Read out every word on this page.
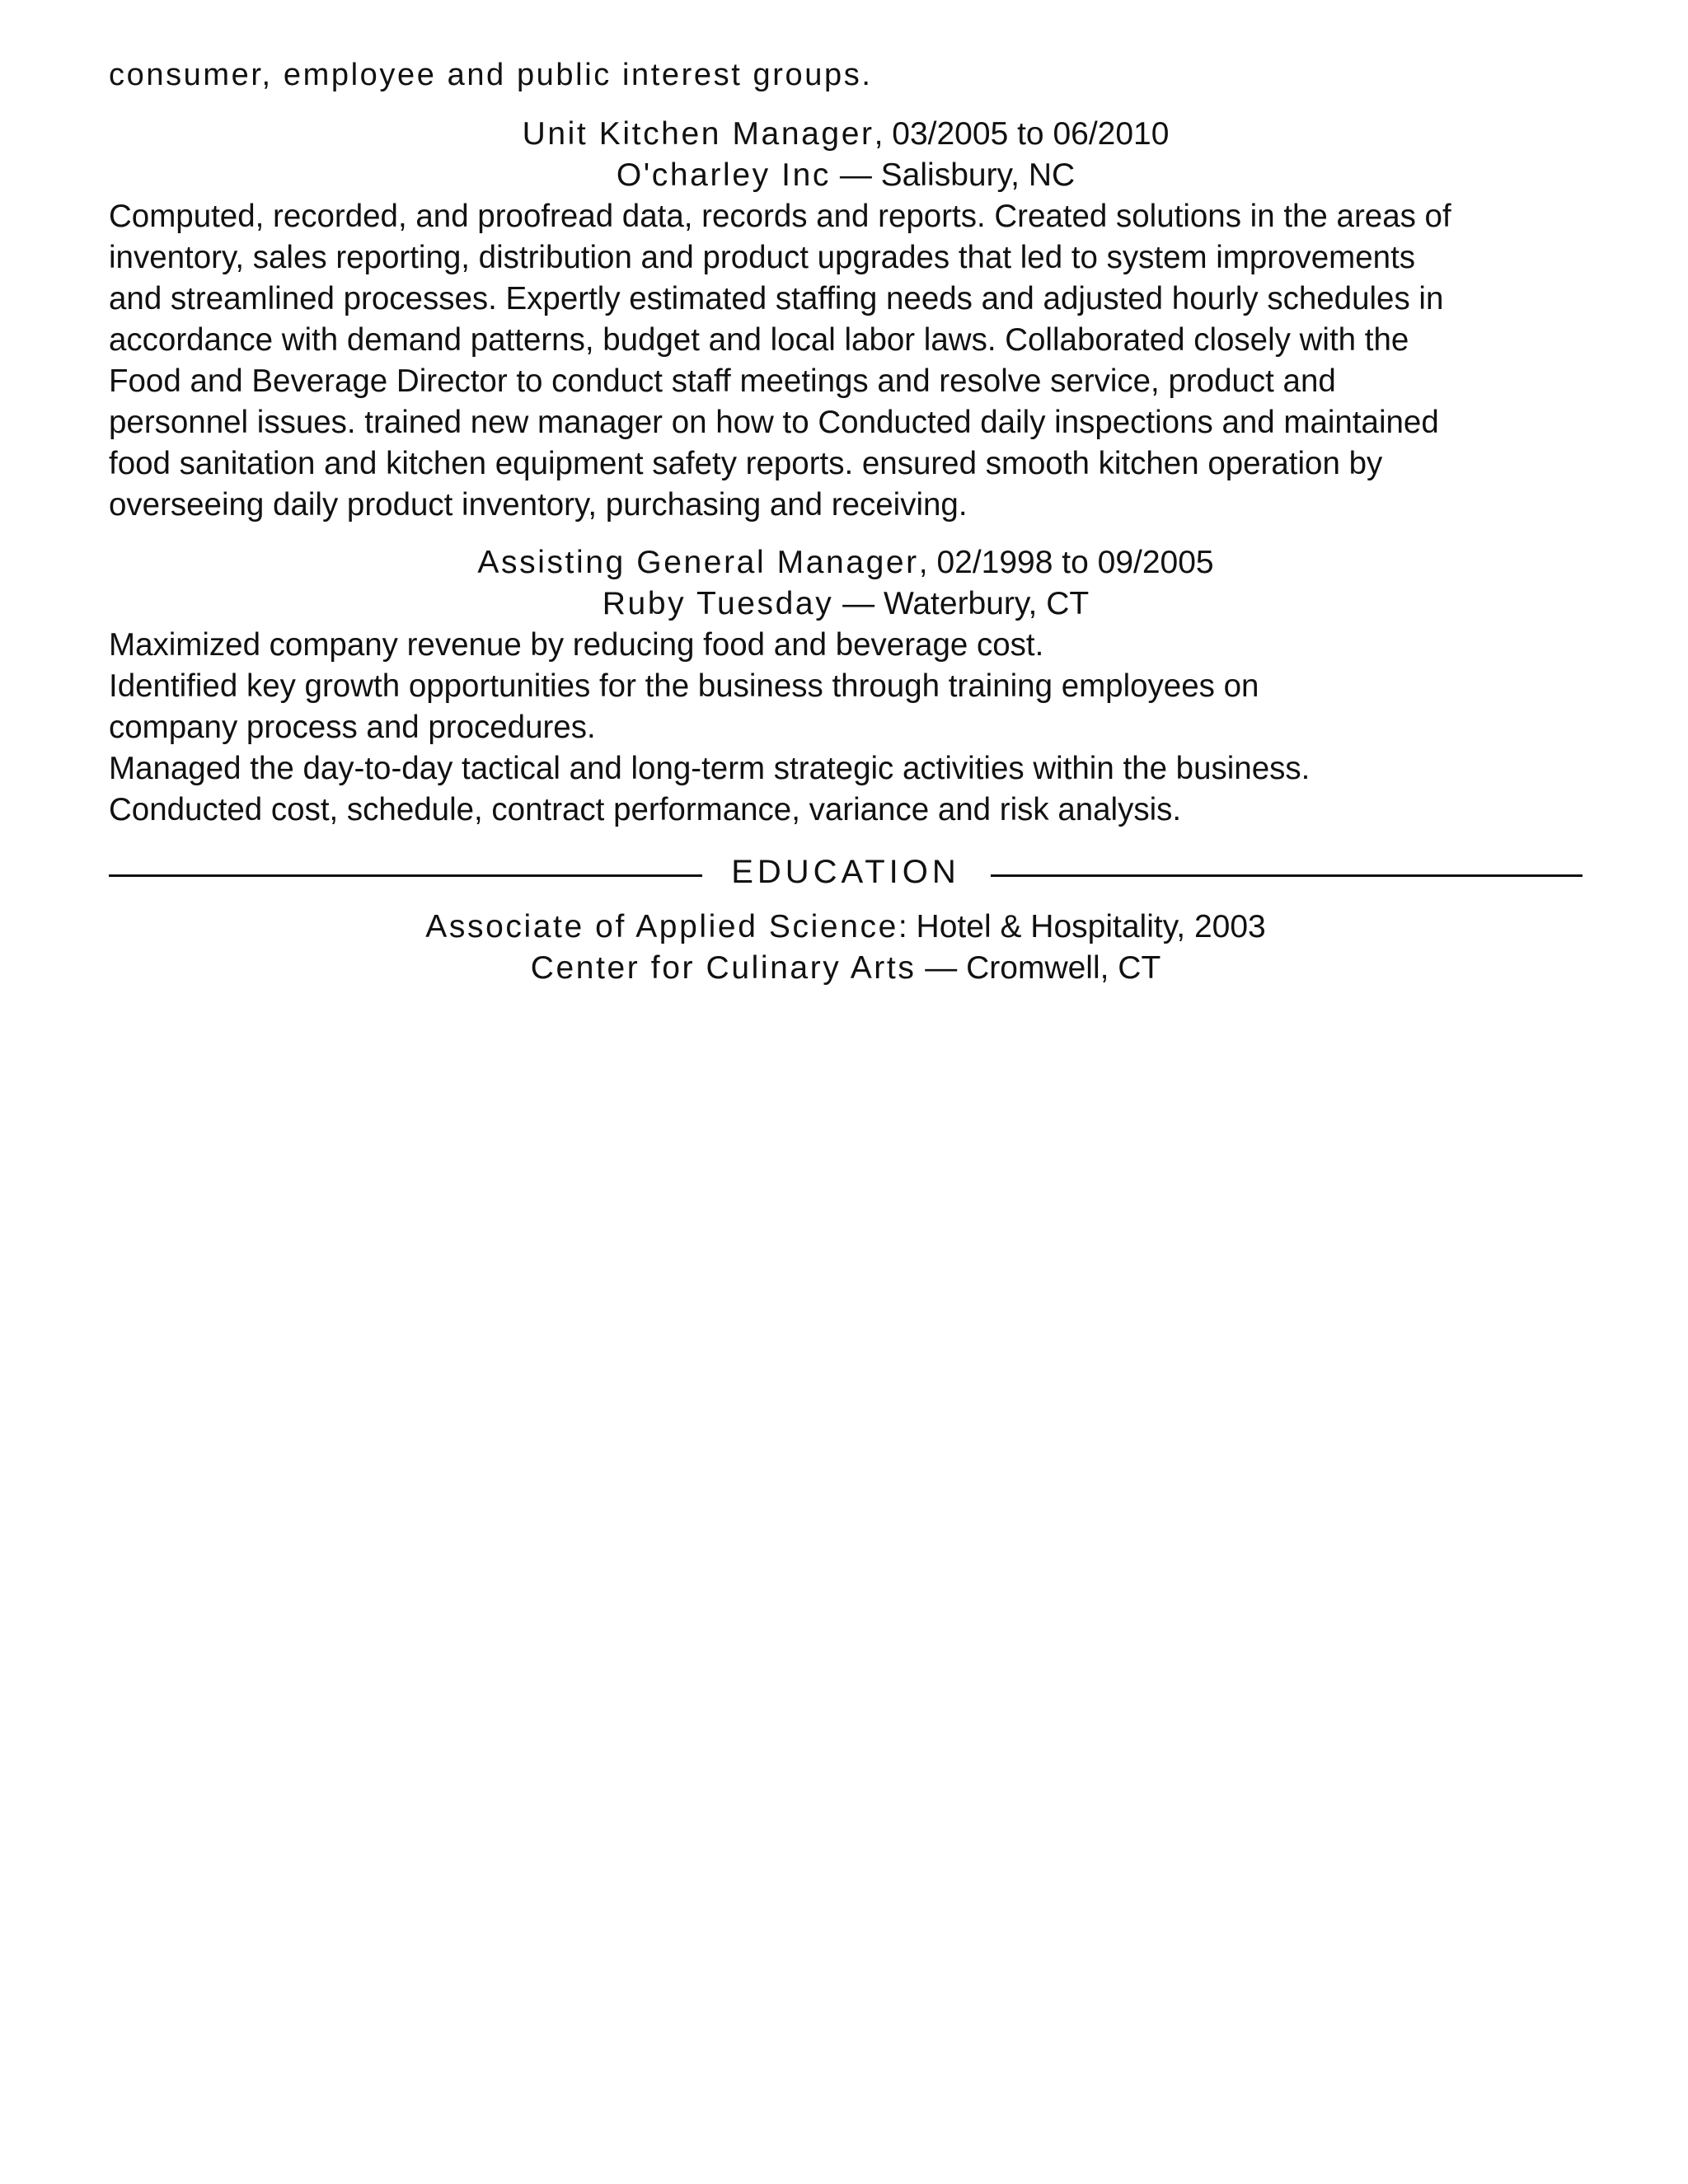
consumer, employee and public interest groups.
Unit Kitchen Manager, 03/2005 to 06/2010
O'charley Inc — Salisbury, NC
Computed, recorded, and proofread data, records and reports. Created solutions in the areas of
inventory, sales reporting, distribution and product upgrades that led to system improvements
and streamlined processes. Expertly estimated staffing needs and adjusted hourly schedules in
accordance with demand patterns, budget and local labor laws. Collaborated closely with the
Food and Beverage Director to conduct staff meetings and resolve service, product and
personnel issues. trained new manager on how to Conducted daily inspections and maintained
food sanitation and kitchen equipment safety reports. ensured smooth kitchen operation by
overseeing daily product inventory, purchasing and receiving.
Assisting General Manager, 02/1998 to 09/2005
Ruby Tuesday — Waterbury, CT
Maximized company revenue by reducing food and beverage cost.
Identified key growth opportunities for the business through training employees on
company process and procedures.
Managed the day-to-day tactical and long-term strategic activities within the business.
Conducted cost, schedule, contract performance, variance and risk analysis.
EDUCATION
Associate of Applied Science: Hotel & Hospitality, 2003
Center for Culinary Arts — Cromwell, CT
